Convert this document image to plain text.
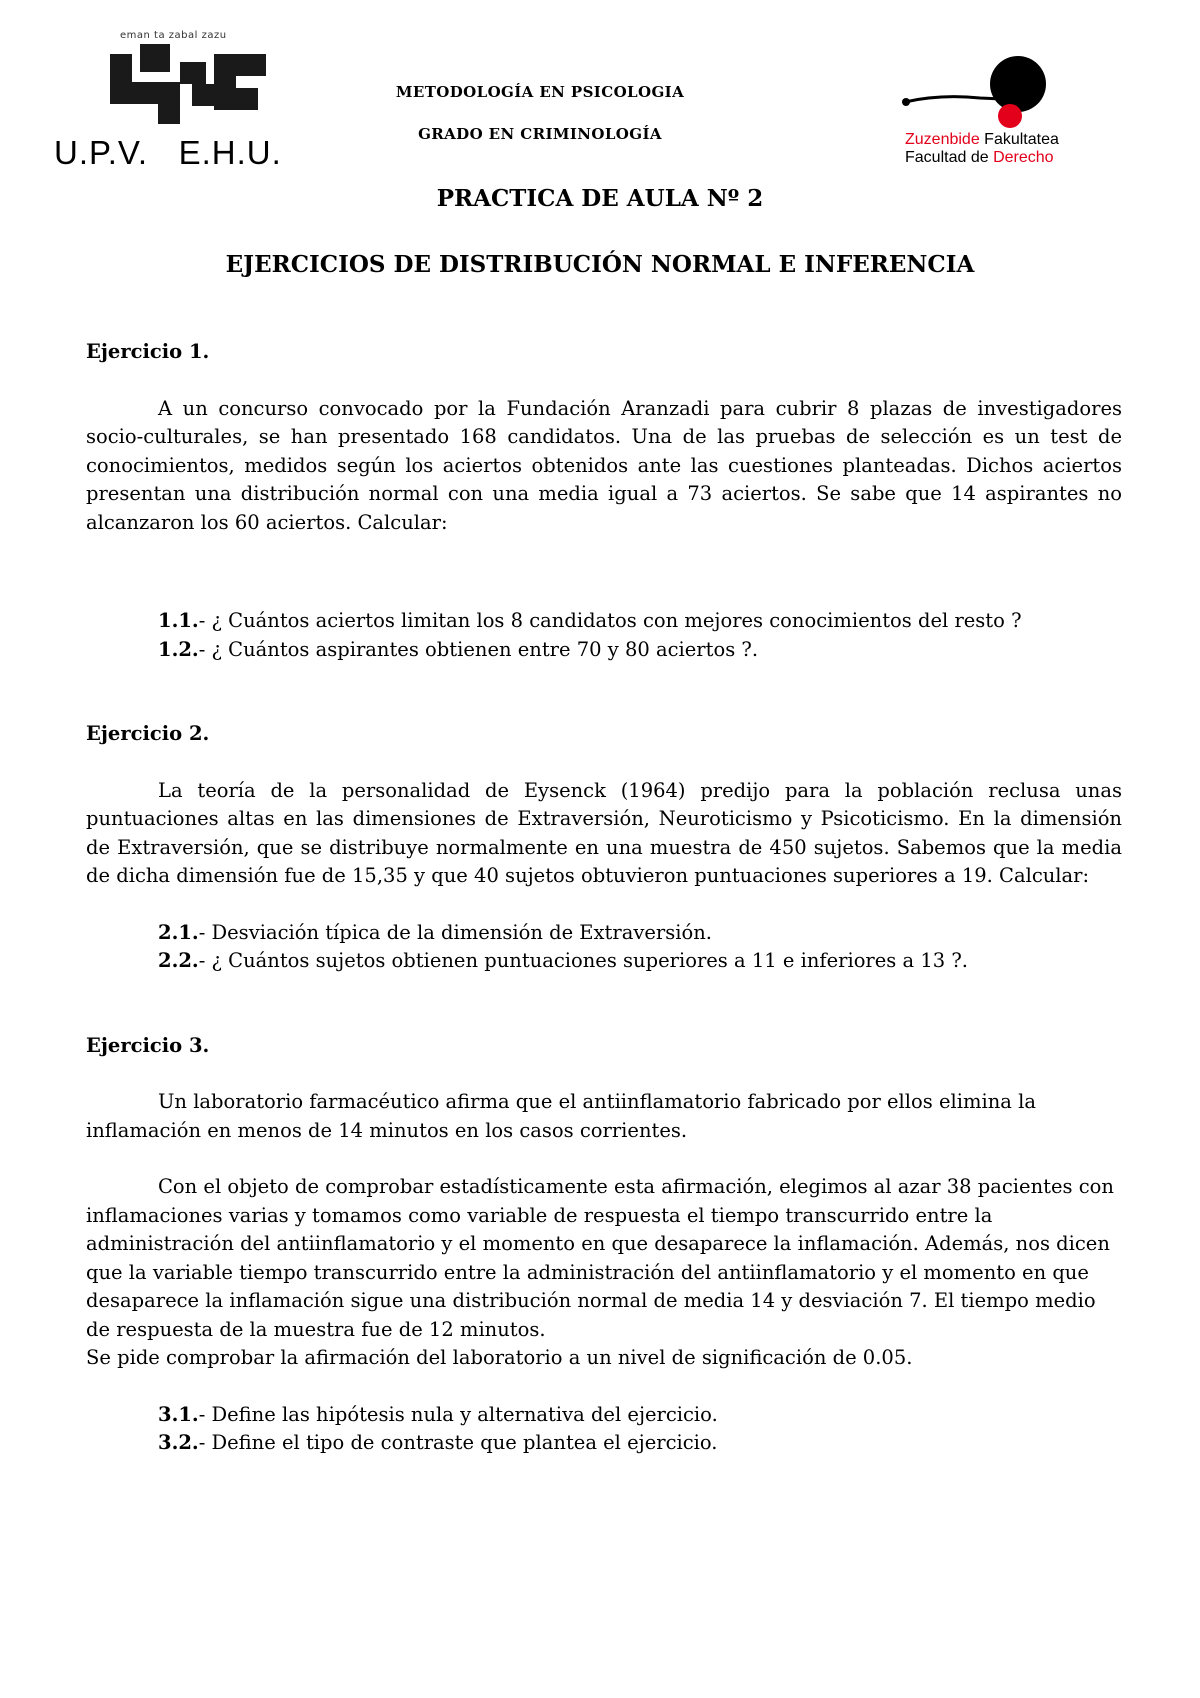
eman ta zabal zazu
U.P.V.   E.H.U.
METODOLOGÍA EN PSICOLOGIA
GRADO EN CRIMINOLOGÍA	Zuzenbide Fakultatea
Facultad de Derecho
PRACTICA DE AULA Nº 2
EJERCICIOS DE DISTRIBUCIÓN NORMAL E INFERENCIA

Ejercicio 1.

A un concurso convocado por la Fundación Aranzadi para cubrir 8 plazas de investigadores socio-culturales, se han presentado 168 candidatos. Una de las pruebas de selección es un test de conocimientos, medidos según los aciertos obtenidos ante las cuestiones planteadas. Dichos aciertos presentan una distribución normal con una media igual a 73 aciertos. Se sabe que 14 aspirantes no alcanzaron los 60 aciertos. Calcular:

1.1.- ¿ Cuántos aciertos limitan los 8 candidatos con mejores conocimientos del resto ?

1.2.- ¿ Cuántos aspirantes obtienen entre 70 y 80 aciertos ?.

Ejercicio 2.

La teoría de la personalidad de Eysenck (1964) predijo para la población reclusa unas puntuaciones altas en las dimensiones de Extraversión, Neuroticismo y Psicoticismo. En la dimensión de Extraversión, que se distribuye normalmente en una muestra de 450 sujetos. Sabemos que la media de dicha dimensión fue de 15,35 y que 40 sujetos obtuvieron puntuaciones superiores a 19. Calcular:

2.1.- Desviación típica de la dimensión de Extraversión.

2.2.- ¿ Cuántos sujetos obtienen puntuaciones superiores a 11 e inferiores a 13 ?.

Ejercicio 3.

Un laboratorio farmacéutico afirma que el antiinflamatorio fabricado por ellos elimina la inflamación en menos de 14 minutos en los casos corrientes.

Con el objeto de comprobar estadísticamente esta afirmación, elegimos al azar 38 pacientes con inflamaciones varias y tomamos como variable de respuesta el tiempo transcurrido entre la administración del antiinflamatorio y el momento en que desaparece la inflamación. Además, nos dicen que la variable tiempo transcurrido entre la administración del antiinflamatorio y el momento en que desaparece la inflamación sigue una distribución normal de media 14 y desviación 7. El tiempo medio de respuesta de la muestra fue de 12 minutos.

Se pide comprobar la afirmación del laboratorio a un nivel de significación de 0.05.

3.1.- Define las hipótesis nula y alternativa del ejercicio.

3.2.- Define el tipo de contraste que plantea el ejercicio.
